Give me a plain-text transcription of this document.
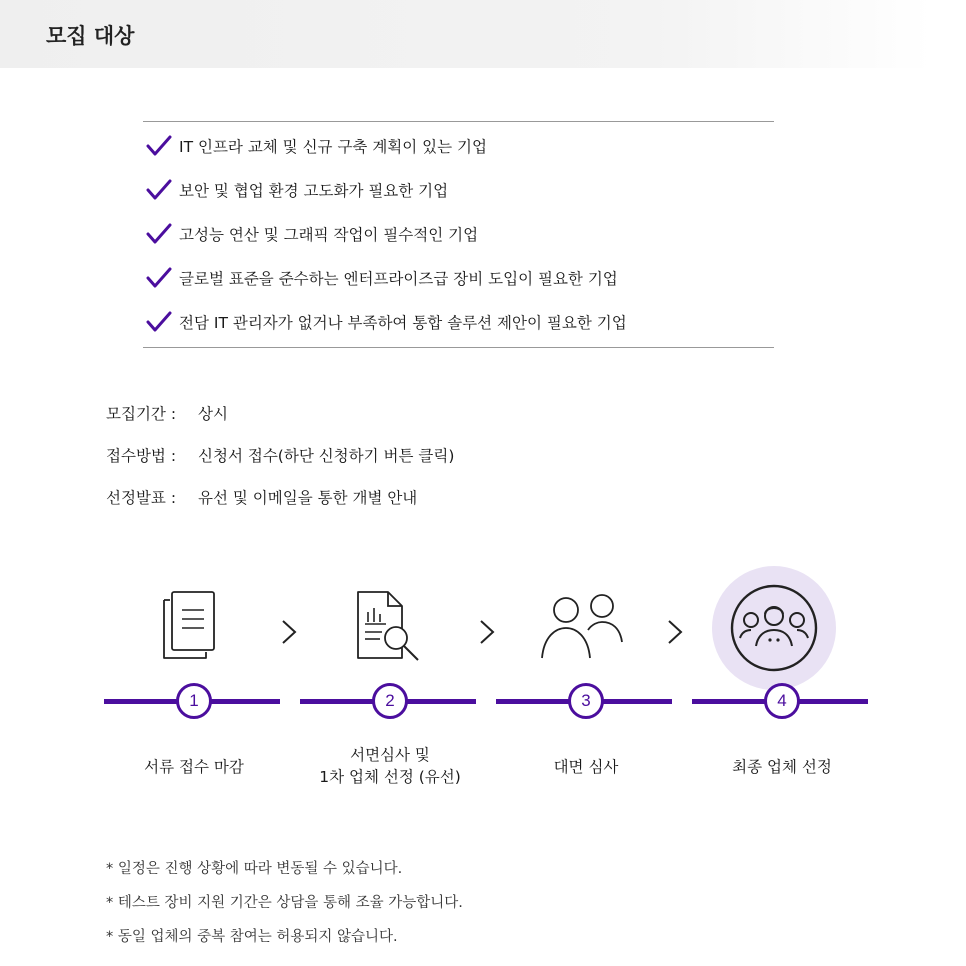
모집 대상
IT 인프라 교체 및 신규 구축 계획이 있는 기업
보안 및 협업 환경 고도화가 필요한 기업
고성능 연산 및 그래픽 작업이 필수적인 기업
글로벌 표준을 준수하는 엔터프라이즈급 장비 도입이 필요한 기업
전담 IT 관리자가 없거나 부족하여 통합 솔루션 제안이 필요한 기업
모집기간 :	상시
접수방법 :	신청서 접수(하단 신청하기 버튼 클릭)
선정발표 :	유선 및 이메일을 통한 개별 안내
1	2	3	4
서류 접수 마감
서면심사 및
1차 업체 선정 (유선)
대면 심사	최종 업체 선정
* 일정은 진행 상황에 따라 변동될 수 있습니다.
* 테스트 장비 지원 기간은 상담을 통해 조율 가능합니다.
* 동일 업체의 중복 참여는 허용되지 않습니다.
